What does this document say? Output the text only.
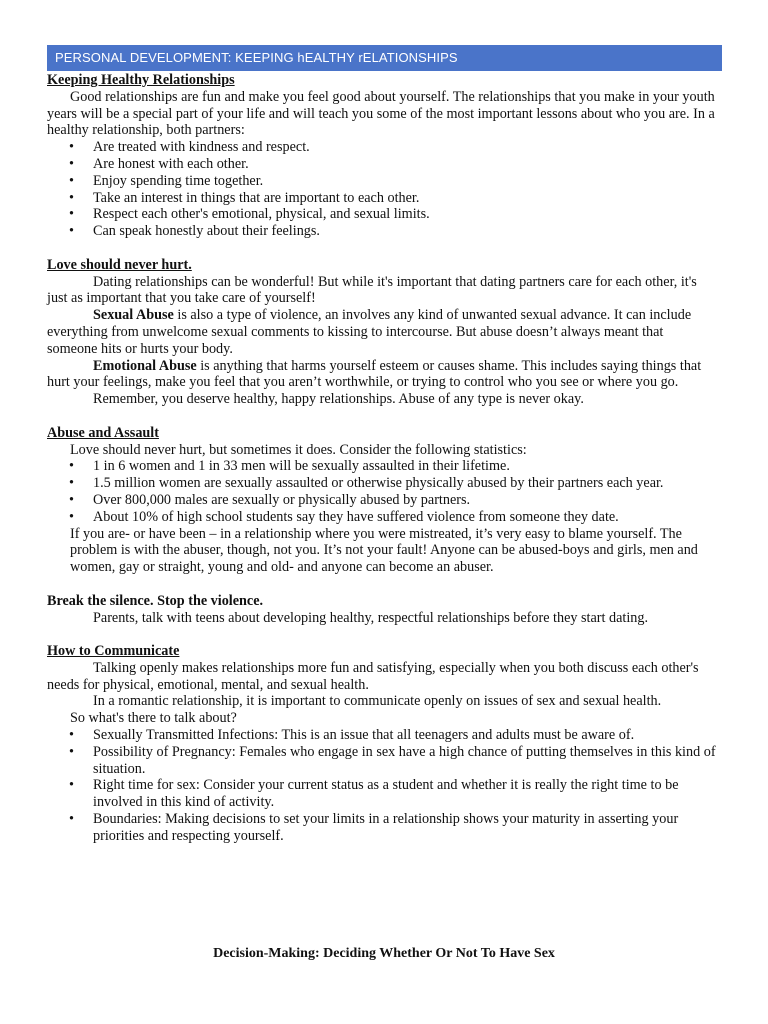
PERSONAL DEVELOPMENT: KEEPING hEALTHY rELATIONSHIPS

Keeping Healthy Relationships

Good relationships are fun and make you feel good about yourself. The relationships that you make in your youth years will be a special part of your life and will teach you some of the most important lessons about who you are. In a healthy relationship, both partners:

• Are treated with kindness and respect.
• Are honest with each other.
• Enjoy spending time together.
• Take an interest in things that are important to each other.
• Respect each other's emotional, physical, and sexual limits.
• Can speak honestly about their feelings.

Love should never hurt.

Dating relationships can be wonderful! But while it's important that dating partners care for each other, it's just as important that you take care of yourself!

Sexual Abuse is also a type of violence, an involves any kind of unwanted sexual advance. It can include everything from unwelcome sexual comments to kissing to intercourse. But abuse doesn’t always meant that someone hits or hurts your body.

Emotional Abuse is anything that harms yourself esteem or causes shame. This includes saying things that hurt your feelings, make you feel that you aren’t worthwhile, or trying to control who you see or where you go.

Remember, you deserve healthy, happy relationships. Abuse of any type is never okay.

Abuse and Assault

Love should never hurt, but sometimes it does. Consider the following statistics:

• 1 in 6 women and 1 in 33 men will be sexually assaulted in their lifetime.
• 1.5 million women are sexually assaulted or otherwise physically abused by their partners each year.
• Over 800,000 males are sexually or physically abused by partners.
• About 10% of high school students say they have suffered violence from someone they date.

If you are- or have been – in a relationship where you were mistreated, it’s very easy to blame yourself. The problem is with the abuser, though, not you. It’s not your fault! Anyone can be abused-boys and girls, men and women, gay or straight, young and old- and anyone can become an abuser.

Break the silence. Stop the violence.

Parents, talk with teens about developing healthy, respectful relationships before they start dating.

How to Communicate

Talking openly makes relationships more fun and satisfying, especially when you both discuss each other's needs for physical, emotional, mental, and sexual health.

In a romantic relationship, it is important to communicate openly on issues of sex and sexual health.

So what's there to talk about?

• Sexually Transmitted Infections: This is an issue that all teenagers and adults must be aware of.
• Possibility of Pregnancy: Females who engage in sex have a high chance of putting themselves in this kind of situation.
• Right time for sex: Consider your current status as a student and whether it is really the right time to be involved in this kind of activity.
• Boundaries: Making decisions to set your limits in a relationship shows your maturity in asserting your priorities and respecting yourself.
Decision-Making: Deciding Whether Or Not To Have Sex
